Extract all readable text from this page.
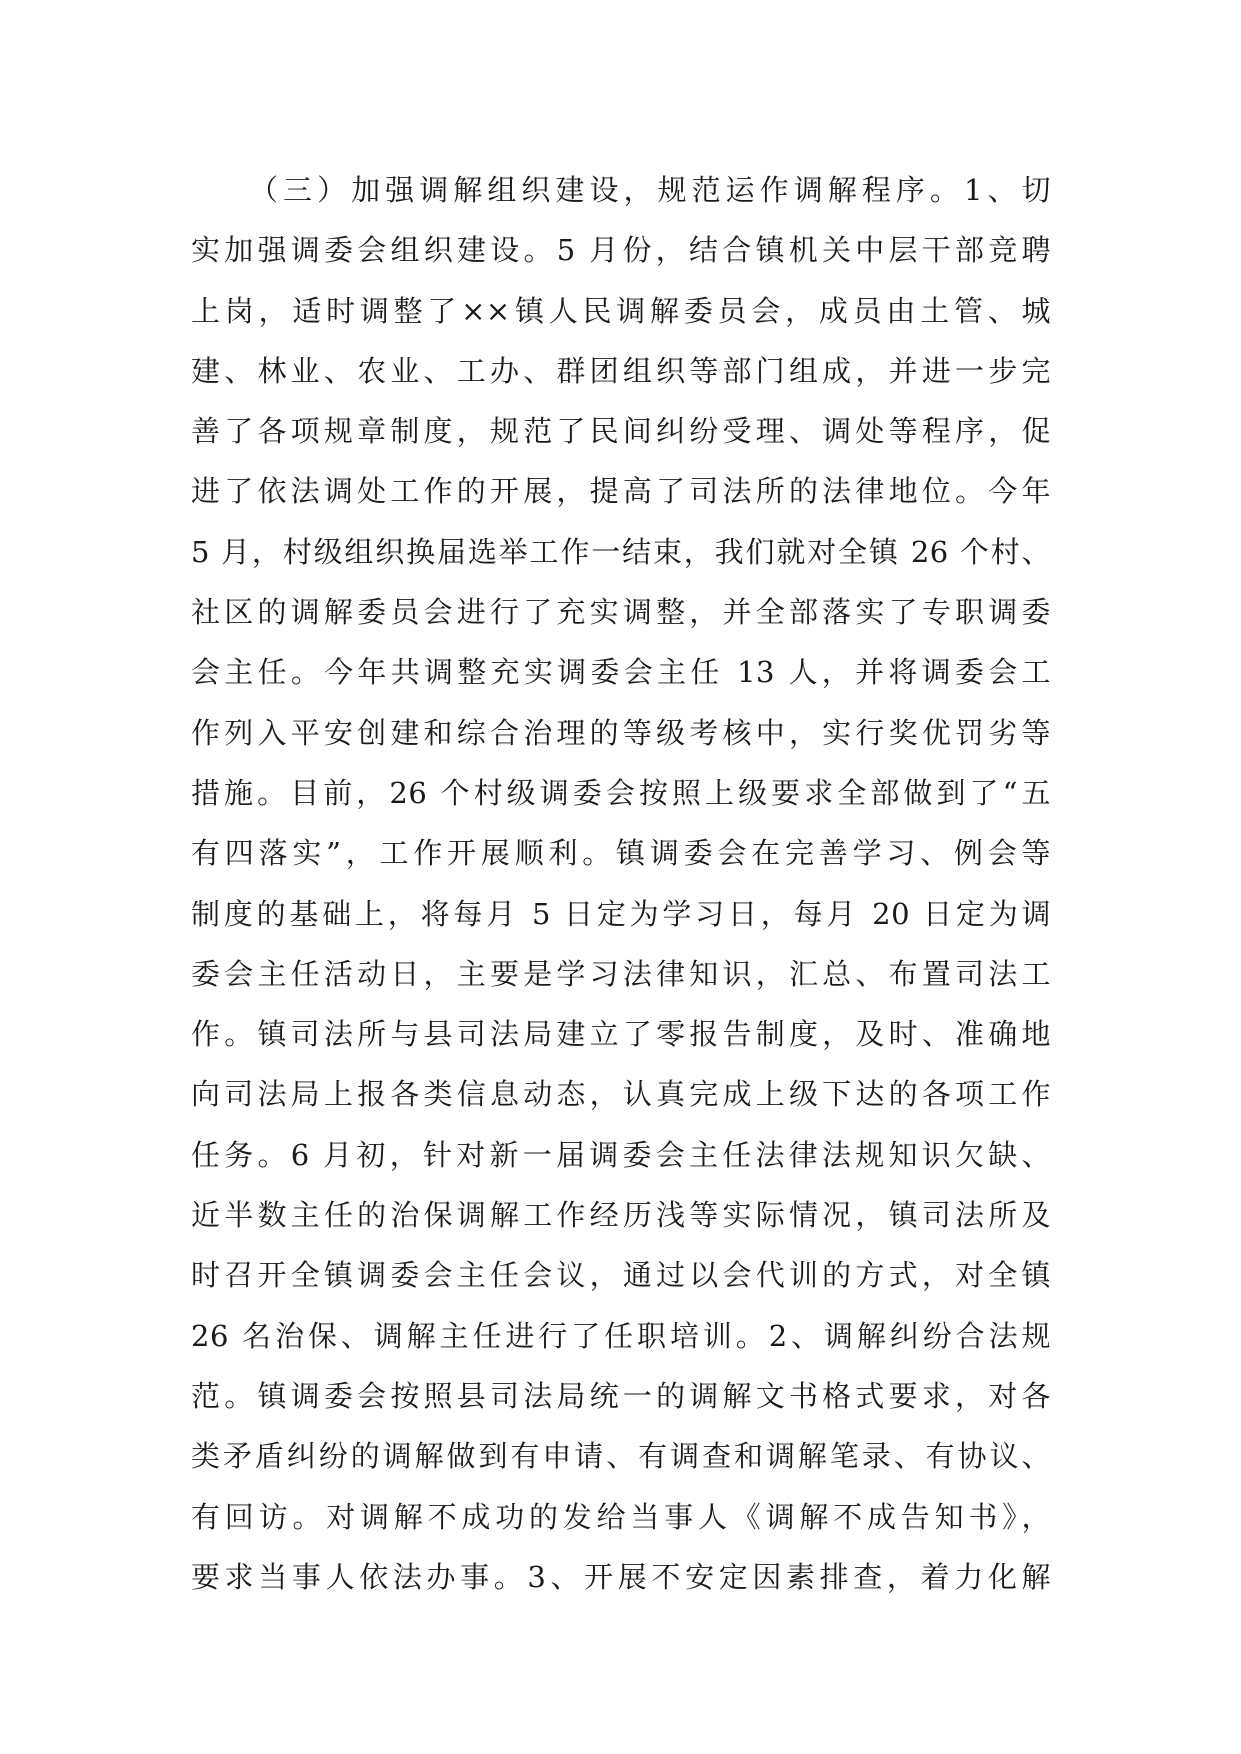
（三）加强调解组织建设，规范运作调解程序。1、切
实加强调委会组织建设。5 月份，结合镇机关中层干部竞聘
上岗，适时调整了××镇人民调解委员会，成员由土管、城
建、林业、农业、工办、群团组织等部门组成，并进一步完
善了各项规章制度，规范了民间纠纷受理、调处等程序，促
进了依法调处工作的开展，提高了司法所的法律地位。今年
5 月，村级组织换届选举工作一结束，我们就对全镇 26 个村、
社区的调解委员会进行了充实调整，并全部落实了专职调委
会主任。今年共调整充实调委会主任 13 人，并将调委会工
作列入平安创建和综合治理的等级考核中，实行奖优罚劣等
措施。目前，26 个村级调委会按照上级要求全部做到了“五
有四落实”，工作开展顺利。镇调委会在完善学习、例会等
制度的基础上，将每月 5 日定为学习日，每月 20 日定为调
委会主任活动日，主要是学习法律知识，汇总、布置司法工
作。镇司法所与县司法局建立了零报告制度，及时、准确地
向司法局上报各类信息动态，认真完成上级下达的各项工作
任务。6 月初，针对新一届调委会主任法律法规知识欠缺、
近半数主任的治保调解工作经历浅等实际情况，镇司法所及
时召开全镇调委会主任会议，通过以会代训的方式，对全镇
26 名治保、调解主任进行了任职培训。2、调解纠纷合法规
范。镇调委会按照县司法局统一的调解文书格式要求，对各
类矛盾纠纷的调解做到有申请、有调查和调解笔录、有协议、
有回访。对调解不成功的发给当事人《调解不成告知书》，
要求当事人依法办事。3、开展不安定因素排查，着力化解
